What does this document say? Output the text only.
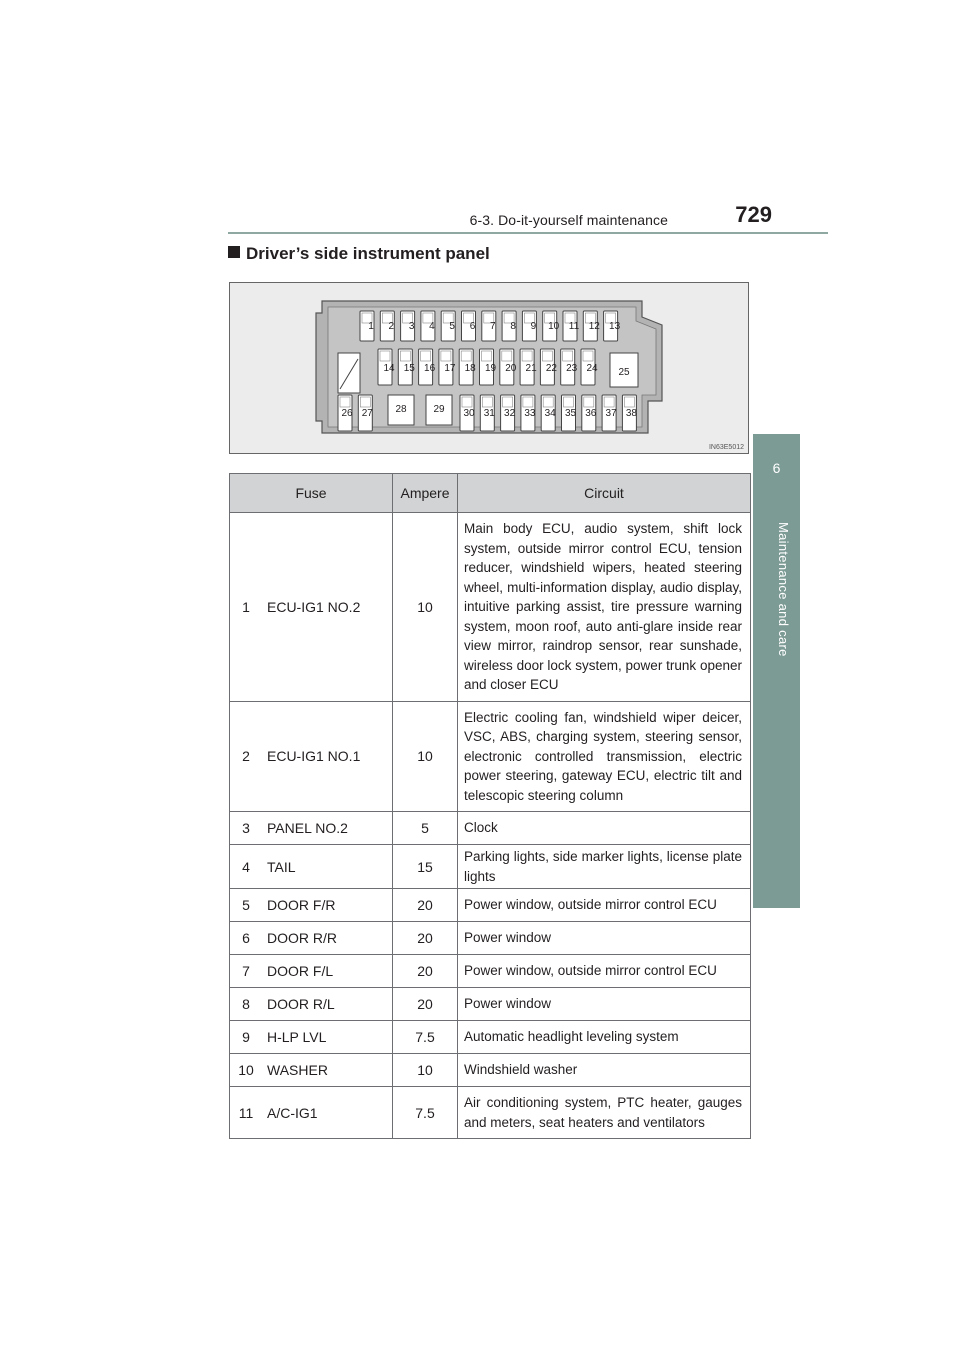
6-3. Do-it-yourself maintenance	729
6
Maintenance and care
Driver’s side instrument panel
1 2 3 4 5 6 7 8 9 10 11 12 13
14 15 16 17 18 19 20 21 22 23 24 25
26 27 28	29 30 31 32 33 34 35 36 37 38
IN63E5012
Fuse		Ampere	Circuit
1	ECU-IG1 NO.2	10	Main body ECU, audio system, shift lock system, outside mirror control ECU, tension reducer, windshield wipers, heated steering wheel, multi-information display, audio display, intuitive parking assist, tire pressure warning system, moon roof, auto anti-glare inside rear view mirror, raindrop sensor, rear sunshade, wireless door lock system, power trunk opener and closer ECU
2	ECU-IG1 NO.1	10	Electric cooling fan, windshield wiper deicer, VSC, ABS, charging system, steering sensor, electronic controlled transmission, electric power steering, gateway ECU, electric tilt and telescopic steering column
3	PANEL NO.2	5	Clock
4	TAIL	15	Parking lights, side marker lights, license plate lights
5	DOOR F/R	20	Power window, outside mirror control ECU
6	DOOR R/R	20	Power window
7	DOOR F/L	20	Power window, outside mirror control ECU
8	DOOR R/L	20	Power window
9	H-LP LVL	7.5	Automatic headlight leveling system
10	WASHER	10	Windshield washer
11	A/C-IG1	7.5	Air conditioning system, PTC heater, gauges and meters, seat heaters and ventilators
